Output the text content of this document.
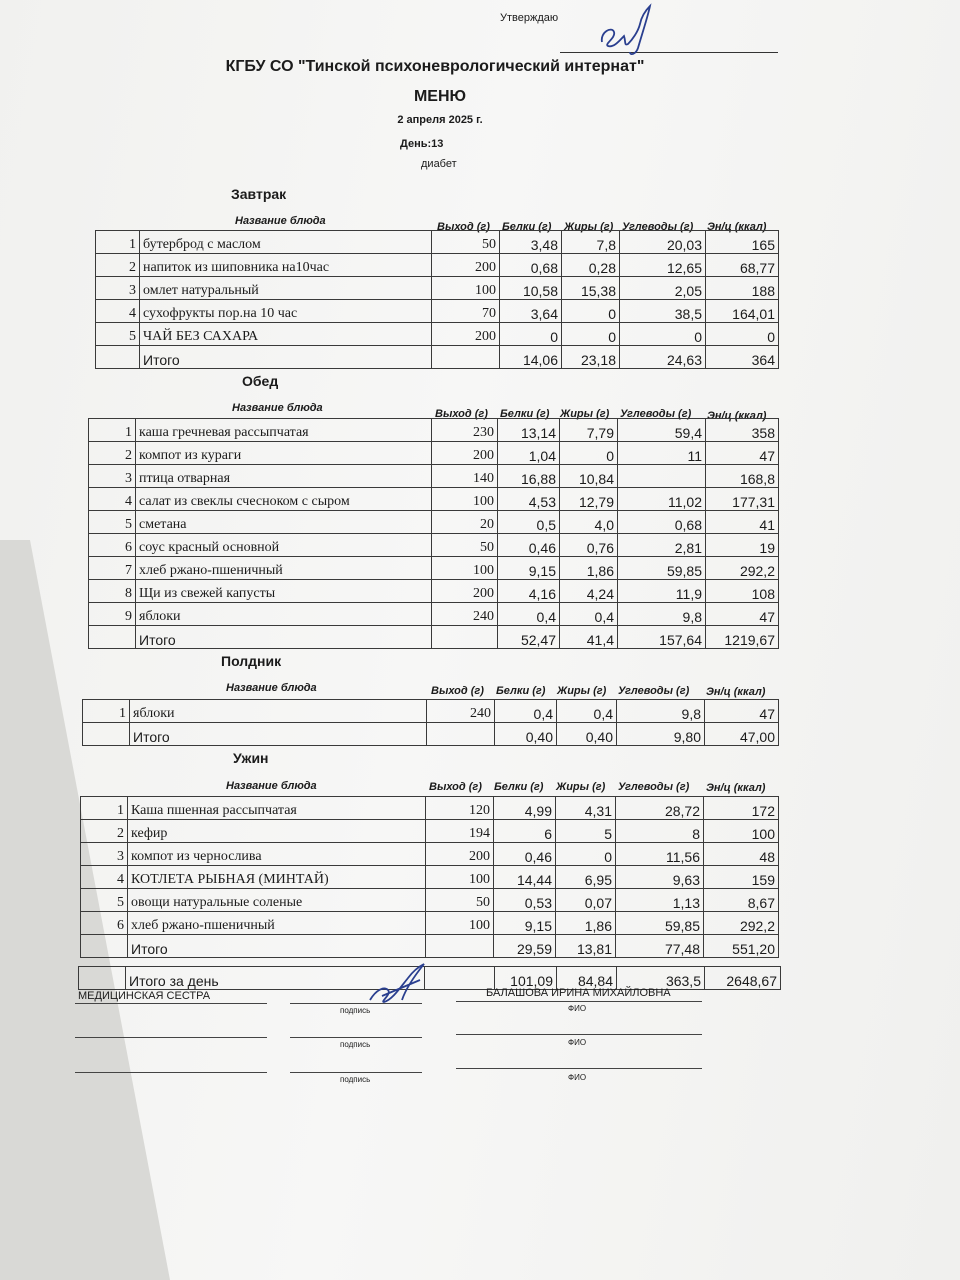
Утверждаю
КГБУ СО "Тинской психоневрологический интернат"
МЕНЮ
2 апреля 2025 г.
День:13
диабет
Завтрак
Название блюда	Выход (г) Белки (г) Жиры (г) Углеводы (г) Эн/ц (ккал)
1	бутерброд с маслом	50	3,48	7,8	20,03	165
2	напиток из шиповника на10час	200	0,68	0,28	12,65	68,77
3	омлет натуральный	100	10,58	15,38	2,05	188
4	сухофрукты пор.на 10 час	70	3,64	0	38,5	164,01
5	ЧАЙ БЕЗ САХАРА	200	0	0	0	0
	Итого		14,06	23,18	24,63	364
Обед
Название блюда	Выход (г) Белки (г) Жиры (г) Углеводы (г) Эн/ц (ккал)
1	каша гречневая рассыпчатая	230	13,14	7,79	59,4	358
2	компот из кураги	200	1,04	0	11	47
3	птица отварная	140	16,88	10,84		168,8
4	салат из свеклы счесноком с сыром	100	4,53	12,79	11,02	177,31
5	сметана	20	0,5	4,0	0,68	41
6	соус красный основной	50	0,46	0,76	2,81	19
7	хлеб ржано-пшеничный	100	9,15	1,86	59,85	292,2
8	Щи из свежей капусты	200	4,16	4,24	11,9	108
9	яблоки	240	0,4	0,4	9,8	47
	Итого		52,47	41,4	157,64	1219,67
Полдник
Название блюда	Выход (г) Белки (г) Жиры (г) Углеводы (г) Эн/ц (ккал)
1	яблоки	240	0,4	0,4	9,8	47
	Итого		0,40	0,40	9,80	47,00
Ужин
Название блюда	Выход (г) Белки (г) Жиры (г) Углеводы (г) Эн/ц (ккал)
1	Каша пшенная рассыпчатая	120	4,99	4,31	28,72	172
2	кефир	194	6	5	8	100
3	компот из чернослива	200	0,46	0	11,56	48
4	КОТЛЕТА РЫБНАЯ (МИНТАЙ)	100	14,44	6,95	9,63	159
5	овощи натуральные соленые	50	0,53	0,07	1,13	8,67
6	хлеб ржано-пшеничный	100	9,15	1,86	59,85	292,2
	Итого		29,59	13,81	77,48	551,20
	Итого за день		101,09	84,84	363,5	2648,67
МЕДИЦИНСКАЯ СЕСТРА	БАЛАШОВА ИРИНА МИХАЙЛОВНА
подпись	ФИО
подпись	ФИО
подпись	ФИО
